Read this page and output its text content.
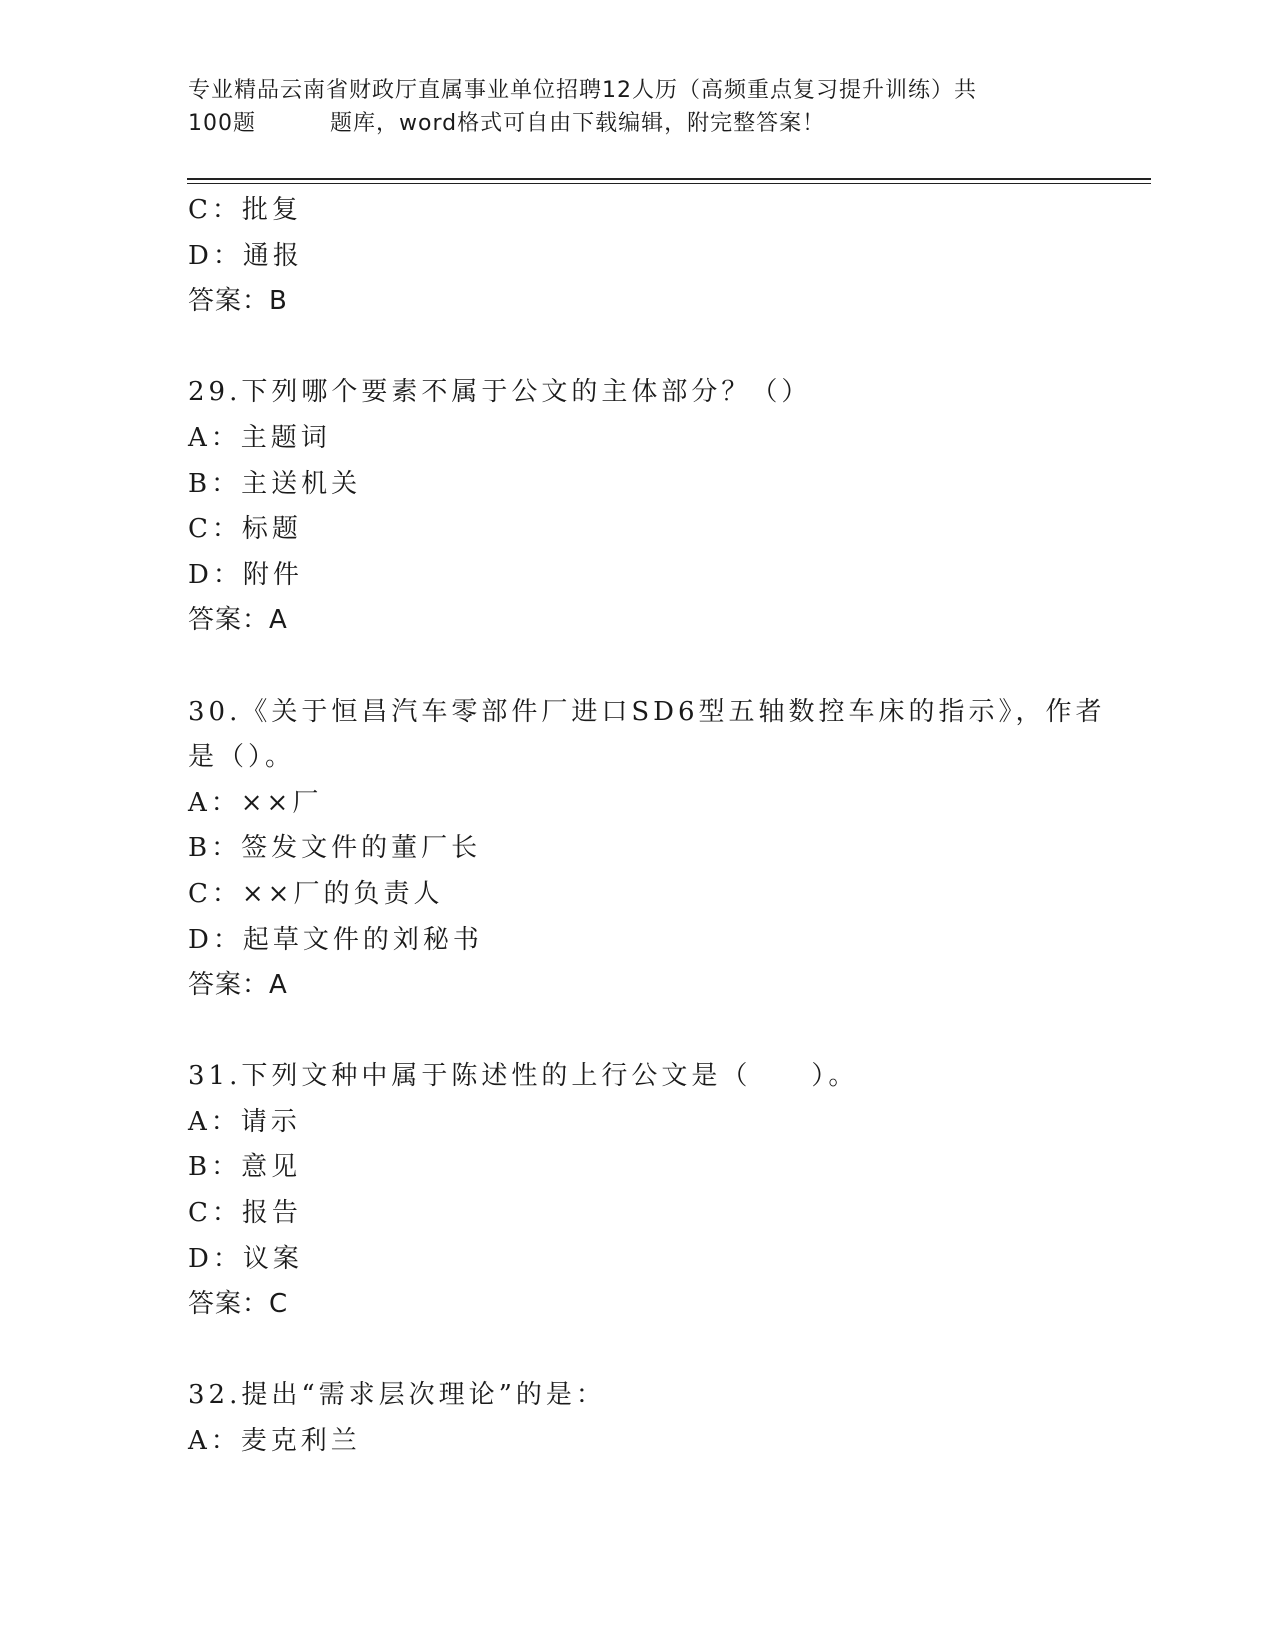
专业精品云南省财政厅直属事业单位招聘12人历（高频重点复习提升训练）共
100题	题库，word格式可自由下载编辑，附完整答案！
C：批复
D：通报
答案：B
29.下列哪个要素不属于公文的主体部分？（）
A：主题词
B：主送机关
C：标题
D：附件
答案：A
30.《关于恒昌汽车零部件厂进口SD6型五轴数控车床的指示》，作者
是（）。
A：××厂
B：签发文件的董厂长
C：××厂的负责人
D：起草文件的刘秘书
答案：A
31.下列文种中属于陈述性的上行公文是（　　）。
A：请示
B：意见
C：报告
D：议案
答案：C
32.提出“需求层次理论”的是：
A：麦克利兰
